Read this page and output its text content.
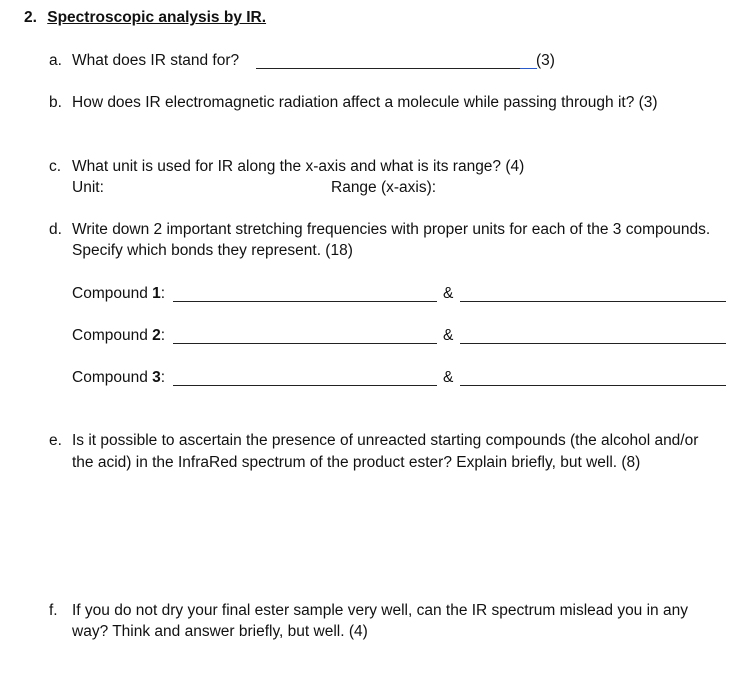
2. Spectroscopic analysis by IR.
a. What does IR stand for?	(3)
b. How does IR electromagnetic radiation affect a molecule while passing through it? (3)
c. What unit is used for IR along the x-axis and what is its range? (4)
Unit:	Range (x-axis):
d. Write down 2 important stretching frequencies with proper units for each of the 3 compounds.
Specify which bonds they represent. (18)
Compound 1:	&
Compound 2:	&
Compound 3:	&
e. Is it possible to ascertain the presence of unreacted starting compounds (the alcohol and/or
the acid) in the InfraRed spectrum of the product ester? Explain briefly, but well. (8)
f. If you do not dry your final ester sample very well, can the IR spectrum mislead you in any
way? Think and answer briefly, but well. (4)
